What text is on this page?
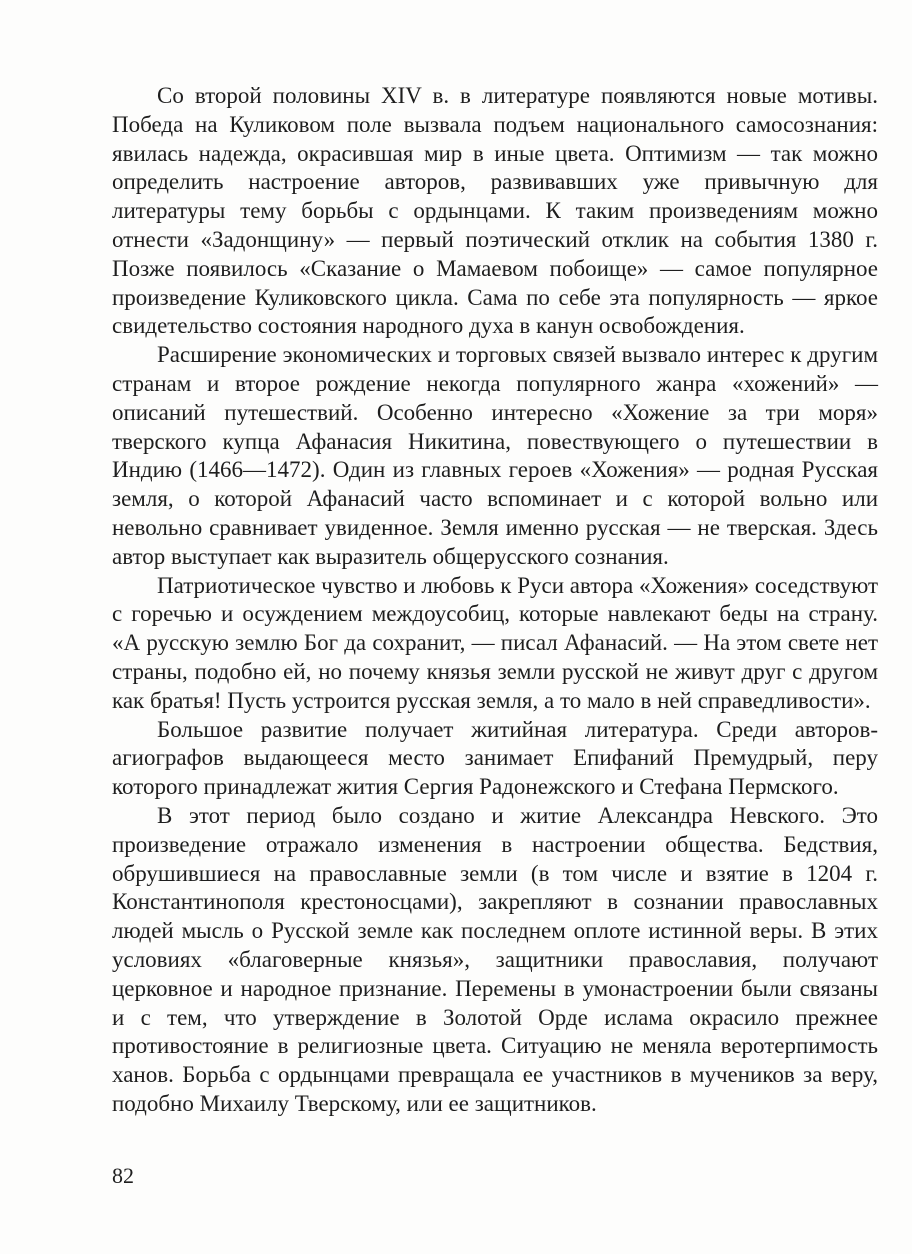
Со второй половины XIV в. в литературе появляются новые мотивы. Победа на Куликовом поле вызвала подъем национального самосознания: явилась надежда, окрасившая мир в иные цвета. Оптимизм — так можно определить настроение авторов, развивавших уже привычную для литературы тему борьбы с ордынцами. К таким произведениям можно отнести «Задонщину» — первый поэтический отклик на события 1380 г. Позже появилось «Сказание о Мамаевом побоище» — самое популярное произведение Куликовского цикла. Сама по себе эта популярность — яркое свидетельство состояния народного духа в канун освобождения.

Расширение экономических и торговых связей вызвало интерес к другим странам и второе рождение некогда популярного жанра «хожений» — описаний путешествий. Особенно интересно «Хожение за три моря» тверского купца Афанасия Никитина, повествующего о путешествии в Индию (1466—1472). Один из главных героев «Хожения» — родная Русская земля, о которой Афанасий часто вспоминает и с которой вольно или невольно сравнивает увиденное. Земля именно русская — не тверская. Здесь автор выступает как выразитель общерусского сознания.

Патриотическое чувство и любовь к Руси автора «Хожения» соседствуют с горечью и осуждением междоусобиц, которые навлекают беды на страну. «А русскую землю Бог да сохранит, — писал Афанасий. — На этом свете нет страны, подобно ей, но почему князья земли русской не живут друг с другом как братья! Пусть устроится русская земля, а то мало в ней справедливости».

Большое развитие получает житийная литература. Среди авторов-агиографов выдающееся место занимает Епифаний Премудрый, перу которого принадлежат жития Сергия Радонежского и Стефана Пермского.

В этот период было создано и житие Александра Невского. Это произведение отражало изменения в настроении общества. Бедствия, обрушившиеся на православные земли (в том числе и взятие в 1204 г. Константинополя крестоносцами), закрепляют в сознании православных людей мысль о Русской земле как последнем оплоте истинной веры. В этих условиях «благоверные князья», защитники православия, получают церковное и народное признание. Перемены в умонастроении были связаны и с тем, что утверждение в Золотой Орде ислама окрасило прежнее противостояние в религиозные цвета. Ситуацию не меняла веротерпимость ханов. Борьба с ордынцами превращала ее участников в мучеников за веру, подобно Михаилу Тверскому, или ее защитников.

82
